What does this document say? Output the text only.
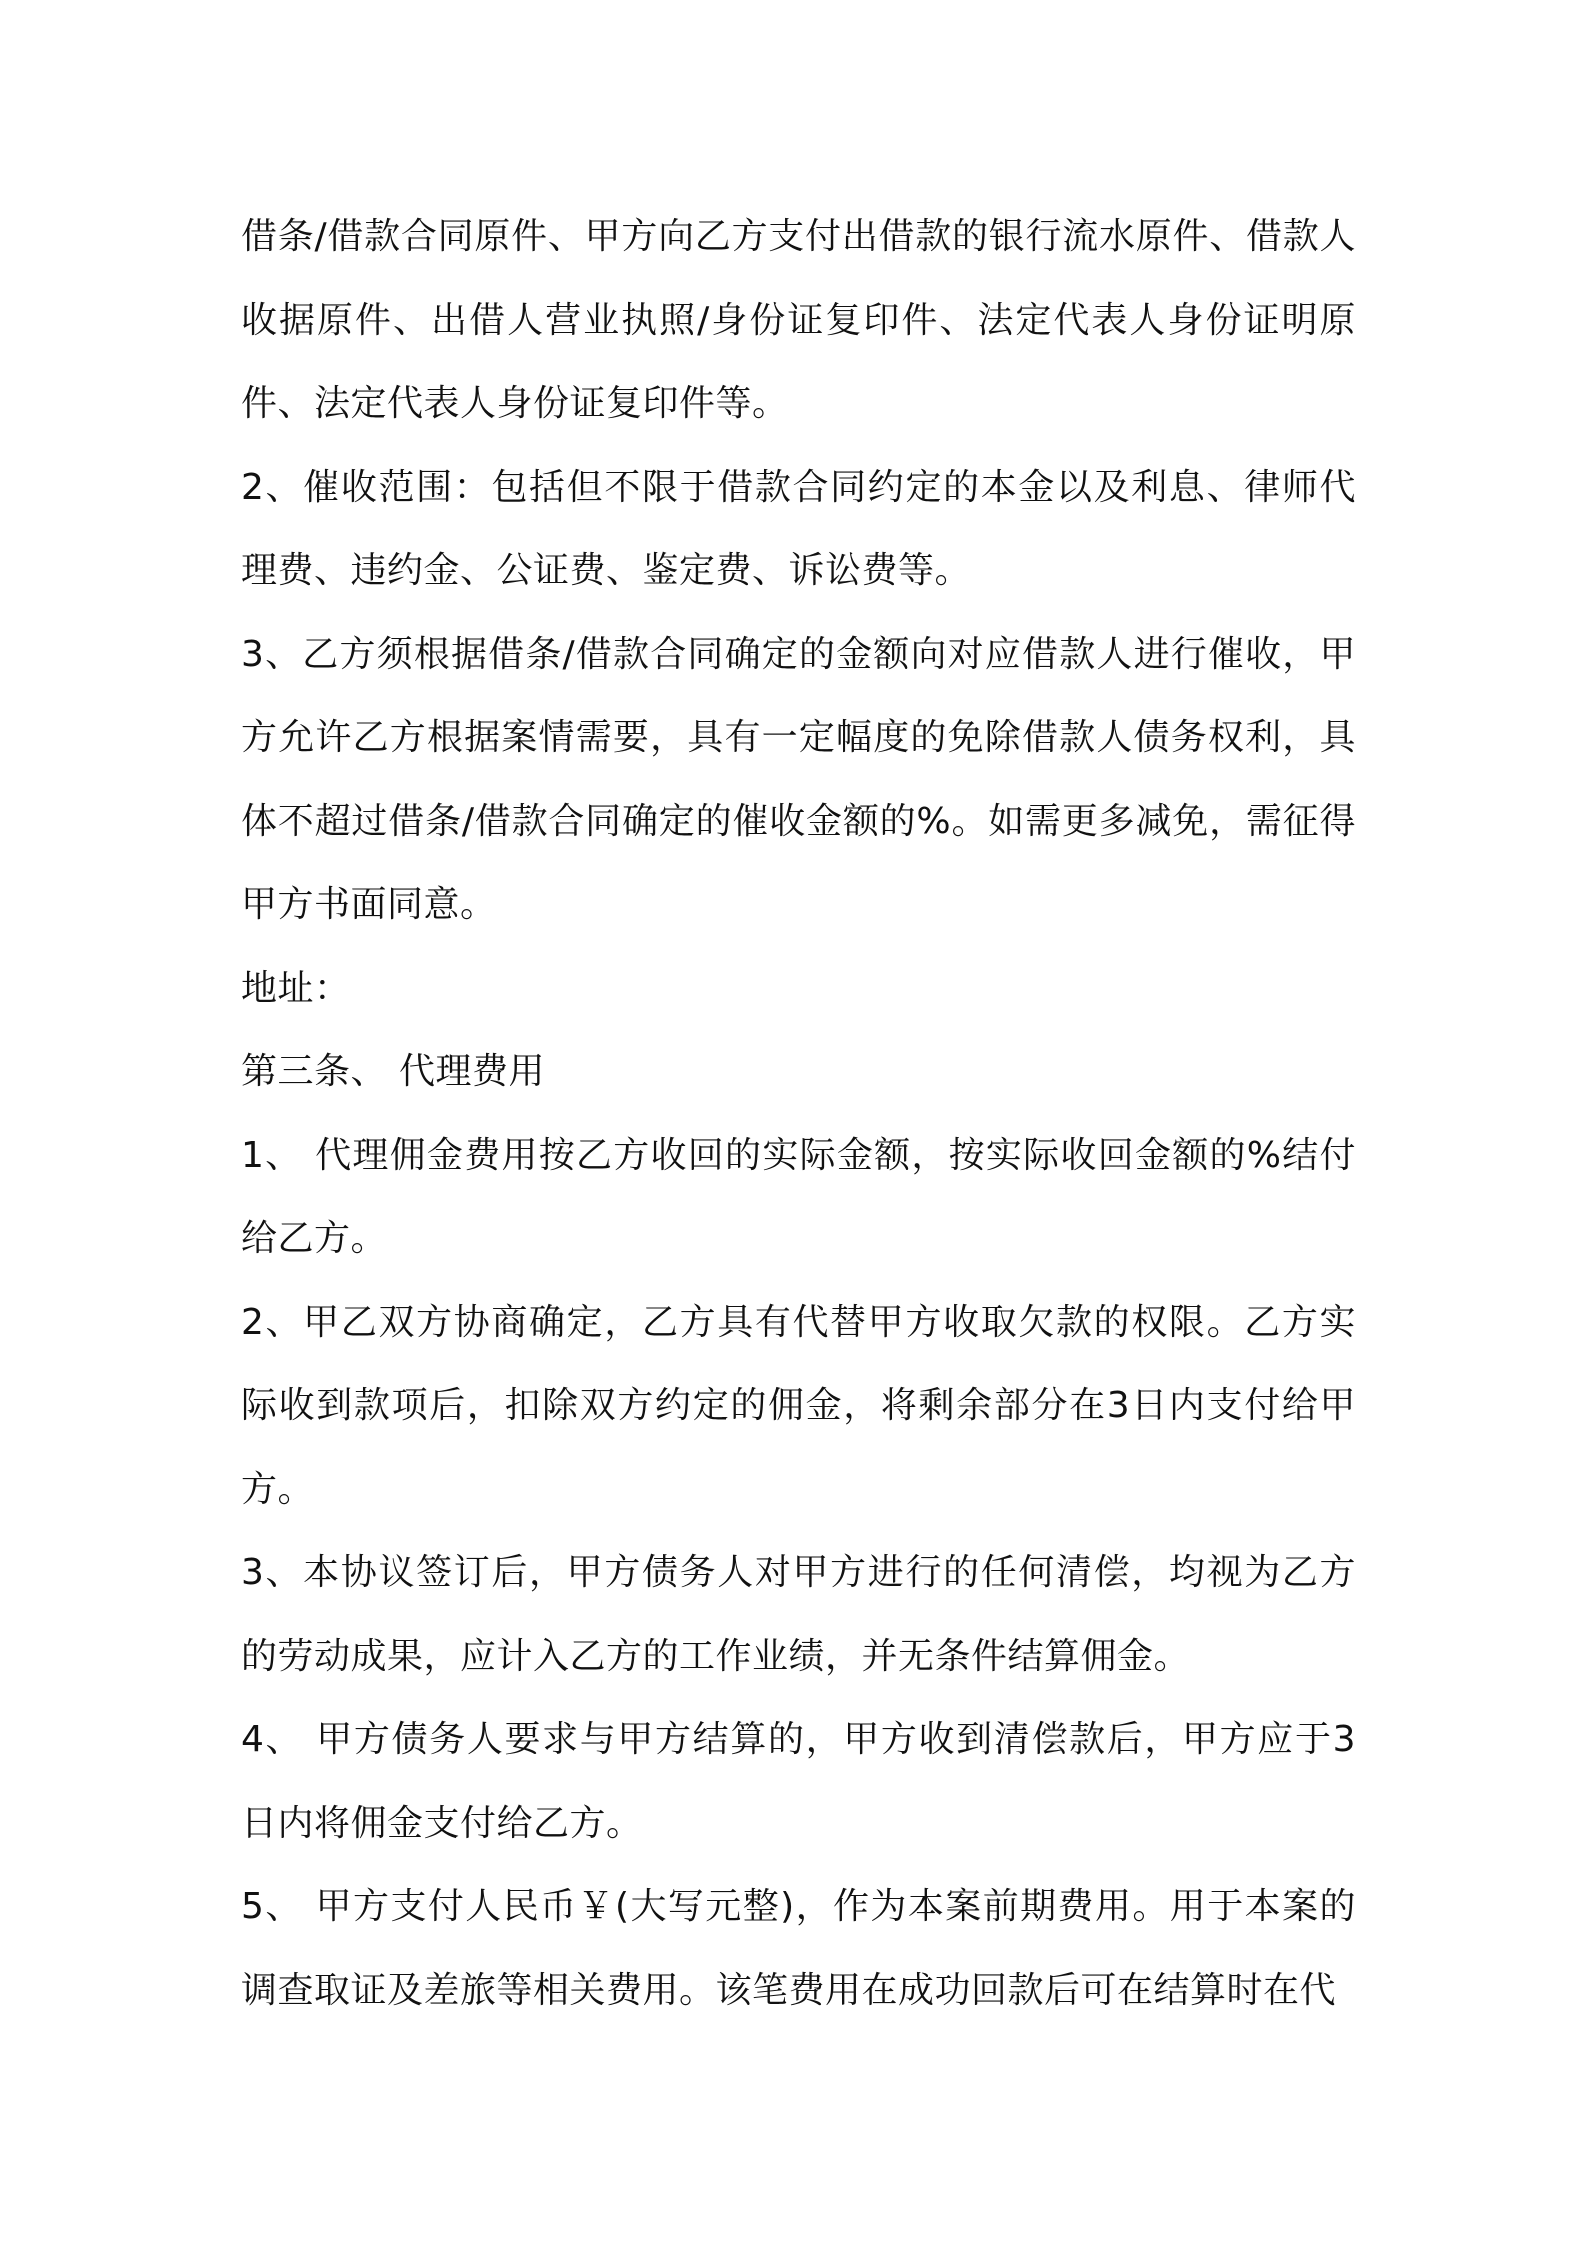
借条/借款合同原件、甲方向乙方支付出借款的银行流水原件、借款人收据原件、出借人营业执照/身份证复印件、法定代表人身份证明原件、法定代表人身份证复印件等。

2、催收范围：包括但不限于借款合同约定的本金以及利息、律师代理费、违约金、公证费、鉴定费、诉讼费等。

3、乙方须根据借条/借款合同确定的金额向对应借款人进行催收，甲方允许乙方根据案情需要，具有一定幅度的免除借款人债务权利，具体不超过借条/借款合同确定的催收金额的%。如需更多减免，需征得甲方书面同意。

地址：

第三条、 代理费用

1、 代理佣金费用按乙方收回的实际金额，按实际收回金额的%结付给乙方。

2、甲乙双方协商确定，乙方具有代替甲方收取欠款的权限。乙方实际收到款项后，扣除双方约定的佣金，将剩余部分在3日内支付给甲方。

3、本协议签订后，甲方债务人对甲方进行的任何清偿，均视为乙方的劳动成果，应计入乙方的工作业绩，并无条件结算佣金。

4、 甲方债务人要求与甲方结算的，甲方收到清偿款后，甲方应于3日内将佣金支付给乙方。

5、 甲方支付人民币￥(大写元整)，作为本案前期费用。用于本案的调查取证及差旅等相关费用。该笔费用在成功回款后可在结算时在代
